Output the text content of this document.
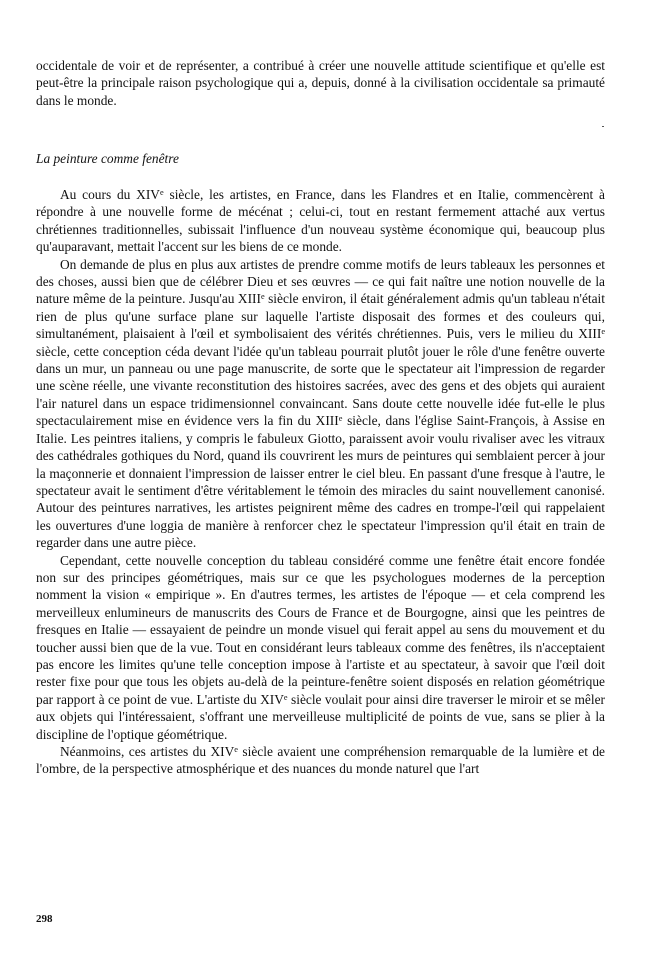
occidentale de voir et de représenter, a contribué à créer une nouvelle attitude scientifique et qu'elle est peut-être la principale raison psychologique qui a, depuis, donné à la civilisation occidentale sa primauté dans le monde.

La peinture comme fenêtre

Au cours du XIVe siècle, les artistes, en France, dans les Flandres et en Italie, commencèrent à répondre à une nouvelle forme de mécénat ; celui-ci, tout en restant fermement attaché aux vertus chrétiennes traditionnelles, subissait l'influence d'un nouveau système économique qui, beaucoup plus qu'auparavant, mettait l'accent sur les biens de ce monde.

On demande de plus en plus aux artistes de prendre comme motifs de leurs tableaux les personnes et des choses, aussi bien que de célébrer Dieu et ses œuvres — ce qui fait naître une notion nouvelle de la nature même de la peinture. Jusqu'au XIIIe siècle environ, il était généralement admis qu'un tableau n'était rien de plus qu'une surface plane sur laquelle l'artiste disposait des formes et des couleurs qui, simultanément, plaisaient à l'œil et symbolisaient des vérités chrétiennes. Puis, vers le milieu du XIIIe siècle, cette conception céda devant l'idée qu'un tableau pourrait plutôt jouer le rôle d'une fenêtre ouverte dans un mur, un panneau ou une page manuscrite, de sorte que le spectateur ait l'impression de regarder une scène réelle, une vivante reconstitution des histoires sacrées, avec des gens et des objets qui auraient l'air naturel dans un espace tridimensionnel convaincant. Sans doute cette nouvelle idée fut-elle le plus spectaculairement mise en évidence vers la fin du XIIIe siècle, dans l'église Saint-François, à Assise en Italie. Les peintres italiens, y compris le fabuleux Giotto, paraissent avoir voulu rivaliser avec les vitraux des cathédrales gothiques du Nord, quand ils couvrirent les murs de peintures qui semblaient percer à jour la maçonnerie et donnaient l'impression de laisser entrer le ciel bleu. En passant d'une fresque à l'autre, le spectateur avait le sentiment d'être véritablement le témoin des miracles du saint nouvellement canonisé. Autour des peintures narratives, les artistes peignirent même des cadres en trompe-l'œil qui rappelaient les ouvertures d'une loggia de manière à renforcer chez le spectateur l'impression qu'il était en train de regarder dans une autre pièce.

Cependant, cette nouvelle conception du tableau considéré comme une fenêtre était encore fondée non sur des principes géométriques, mais sur ce que les psychologues modernes de la perception nomment la vision « empirique ». En d'autres termes, les artistes de l'époque — et cela comprend les merveilleux enlumineurs de manuscrits des Cours de France et de Bourgogne, ainsi que les peintres de fresques en Italie — essayaient de peindre un monde visuel qui ferait appel au sens du mouvement et du toucher aussi bien que de la vue. Tout en considérant leurs tableaux comme des fenêtres, ils n'acceptaient pas encore les limites qu'une telle conception impose à l'artiste et au spectateur, à savoir que l'œil doit rester fixe pour que tous les objets au-delà de la peinture-fenêtre soient disposés en relation géométrique par rapport à ce point de vue. L'artiste du XIVe siècle voulait pour ainsi dire traverser le miroir et se mêler aux objets qui l'intéressaient, s'offrant une merveilleuse multiplicité de points de vue, sans se plier à la discipline de l'optique géométrique.

Néanmoins, ces artistes du XIVe siècle avaient une compréhension remarquable de la lumière et de l'ombre, de la perspective atmosphérique et des nuances du monde naturel que l'art

298
